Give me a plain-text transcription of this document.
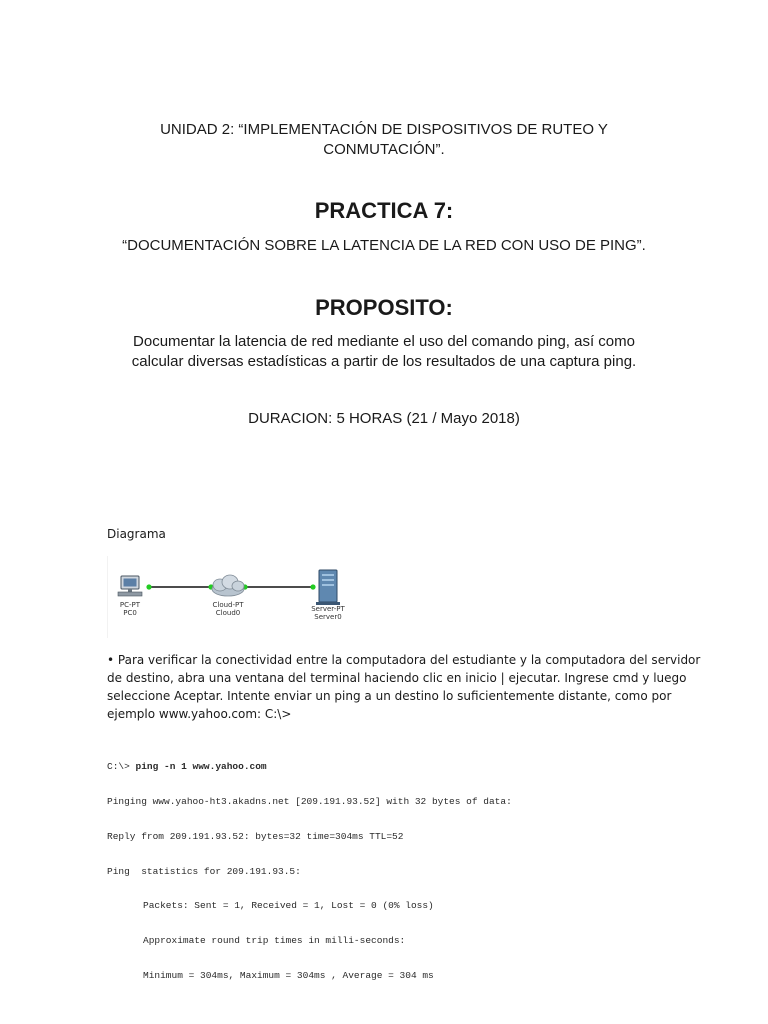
UNIDAD 2: “IMPLEMENTACIÓN DE DISPOSITIVOS DE RUTEO Y
CONMUTACIÓN”.
PRACTICA 7:
“DOCUMENTACIÓN SOBRE LA LATENCIA DE LA RED CON USO DE PING”.
PROPOSITO:
Documentar la latencia de red mediante el uso del comando ping, así como
calcular diversas estadísticas a partir de los resultados de una captura ping.
DURACION: 5 HORAS (21 / Mayo 2018)
Diagrama
PC-PT
PC0
Cloud-PT
Cloud0	Server-PT
Server0
• Para verificar la conectividad entre la computadora del estudiante y la computadora del servidor
de destino, abra una ventana del terminal haciendo clic en inicio | ejecutar. Ingrese cmd y luego
seleccione Aceptar. Intente enviar un ping a un destino lo suficientemente distante, como por
ejemplo www.yahoo.com: C:\>

C:\> ping -n 1 www.yahoo.com

Pinging www.yahoo-ht3.akadns.net [209.191.93.52] with 32 bytes of data:

Reply from 209.191.93.52: bytes=32 time=304ms TTL=52

Ping  statistics for 209.191.93.5:

Packets: Sent = 1, Received = 1, Lost = 0 (0% loss)

Approximate round trip times in milli-seconds:

Minimum = 304ms, Maximum = 304ms , Average = 304 ms
